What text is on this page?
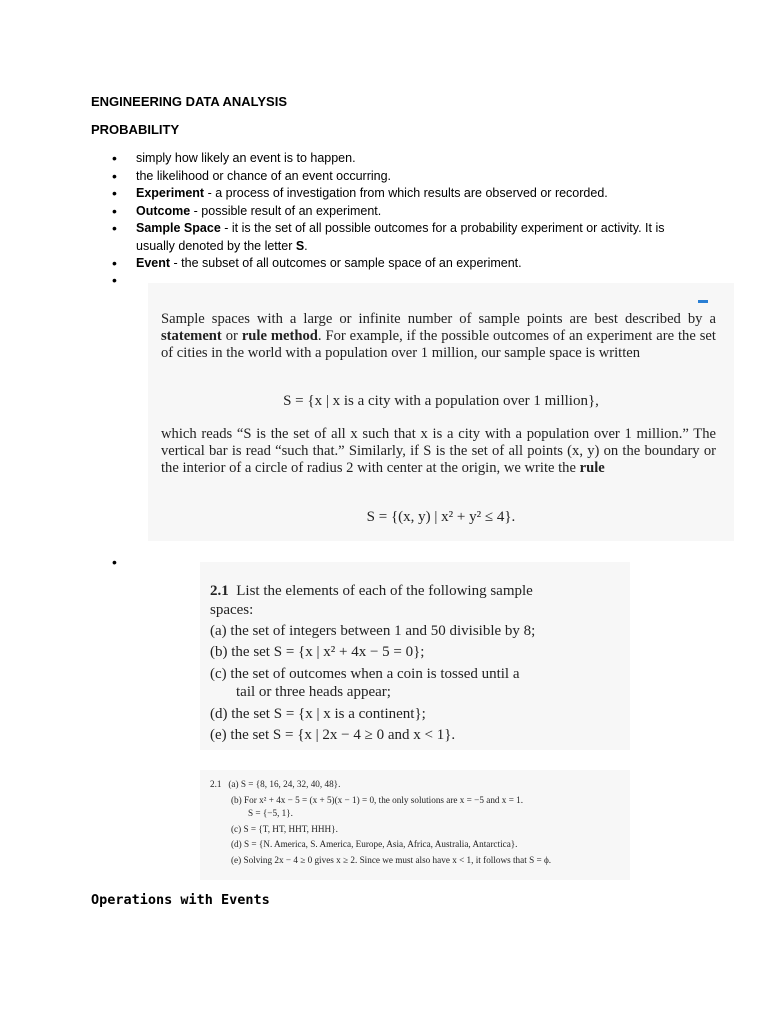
ENGINEERING DATA ANALYSIS
PROBABILITY
• simply how likely an event is to happen.
• the likelihood or chance of an event occurring.
• Experiment - a process of investigation from which results are observed or recorded.
• Outcome - possible result of an experiment.
• Sample Space - it is the set of all possible outcomes for a probability experiment or activity. It is usually denoted by the letter S.
• Event - the subset of all outcomes or sample space of an experiment.
•
Sample spaces with a large or infinite number of sample points are best described by a statement or rule method. For example, if the possible outcomes of an experiment are the set of cities in the world with a population over 1 million, our sample space is written
S = {x | x is a city with a population over 1 million},
which reads “S is the set of all x such that x is a city with a population over 1 million.” The vertical bar is read “such that.” Similarly, if S is the set of all points (x, y) on the boundary or the interior of a circle of radius 2 with center at the origin, we write the rule
S = {(x, y) | x² + y² ≤ 4}.
•
2.1 List the elements of each of the following sample
spaces:
(a) the set of integers between 1 and 50 divisible by 8;
(b) the set S = {x | x² + 4x − 5 = 0};
(c) the set of outcomes when a coin is tossed until a
tail or three heads appear;
(d) the set S = {x | x is a continent};
(e) the set S = {x | 2x − 4 ≥ 0 and x < 1}.
2.1 (a) S = {8, 16, 24, 32, 40, 48}.
(b) For x² + 4x − 5 = (x + 5)(x − 1) = 0, the only solutions are x = −5 and x = 1.
S = {−5, 1}.
(c) S = {T, HT, HHT, HHH}.
(d) S = {N. America, S. America, Europe, Asia, Africa, Australia, Antarctica}.
(e) Solving 2x − 4 ≥ 0 gives x ≥ 2. Since we must also have x < 1, it follows that S = ϕ.
Operations with Events
